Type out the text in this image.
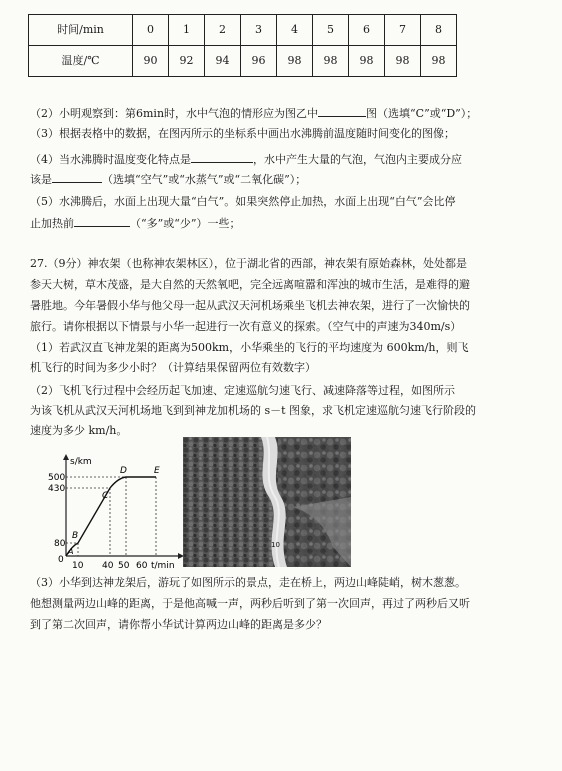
时间/min	0	1	2	3	4	5	6	7	8
温度/℃	90	92	94	96	98	98	98	98	98
（2）小明观察到：第6min时，水中气泡的情形应为图乙中	图（选填“C”或“D”）；
（3）根据表格中的数据，在图丙所示的坐标系中画出水沸腾前温度随时间变化的图像；
（4）当水沸腾时温度变化特点是	，水中产生大量的气泡，气泡内主要成分应
该是	（选填“空气”或“水蒸气”或“二氧化碳”）；
（5）水沸腾后，水面上出现大量“白气”。如果突然停止加热，水面上出现“白气”会比停
止加热前	（“多”或“少”）一些；
27.（9分）神农架（也称神农架林区），位于湖北省的西部，神农架有原始森林，处处都是
参天大树，草木茂盛，是大自然的天然氧吧，完全远离喧嚣和浑浊的城市生活，是难得的避
暑胜地。今年暑假小华与他父母一起从武汉天河机场乘坐飞机去神农架，进行了一次愉快的
旅行。请你根据以下情景与小华一起进行一次有意义的探索。（空气中的声速为340m/s）
（1）若武汉直飞神龙架的距离为500km，小华乘坐的飞行的平均速度为 600km/h，则飞
机飞行的时间为多少小时？（计算结果保留两位有效数字）
（2）飞机飞行过程中会经历起飞加速、定速巡航匀速飞行、减速降落等过程，如图所示
为该飞机从武汉天河机场地飞到到神龙加机场的 s－t 图象，求飞机定速巡航匀速飞行阶段的
速度为多少 km/h。
s/km
t/min
500
430
80
0
10 40 50 60
A
B
C
D	E
10
（3）小华到达神龙架后，游玩了如图所示的景点，走在桥上，两边山峰陡峭，树木葱葱。
他想测量两边山峰的距离，于是他高喊一声，两秒后听到了第一次回声，再过了两秒后又听
到了第二次回声，请你帮小华试计算两边山峰的距离是多少？
